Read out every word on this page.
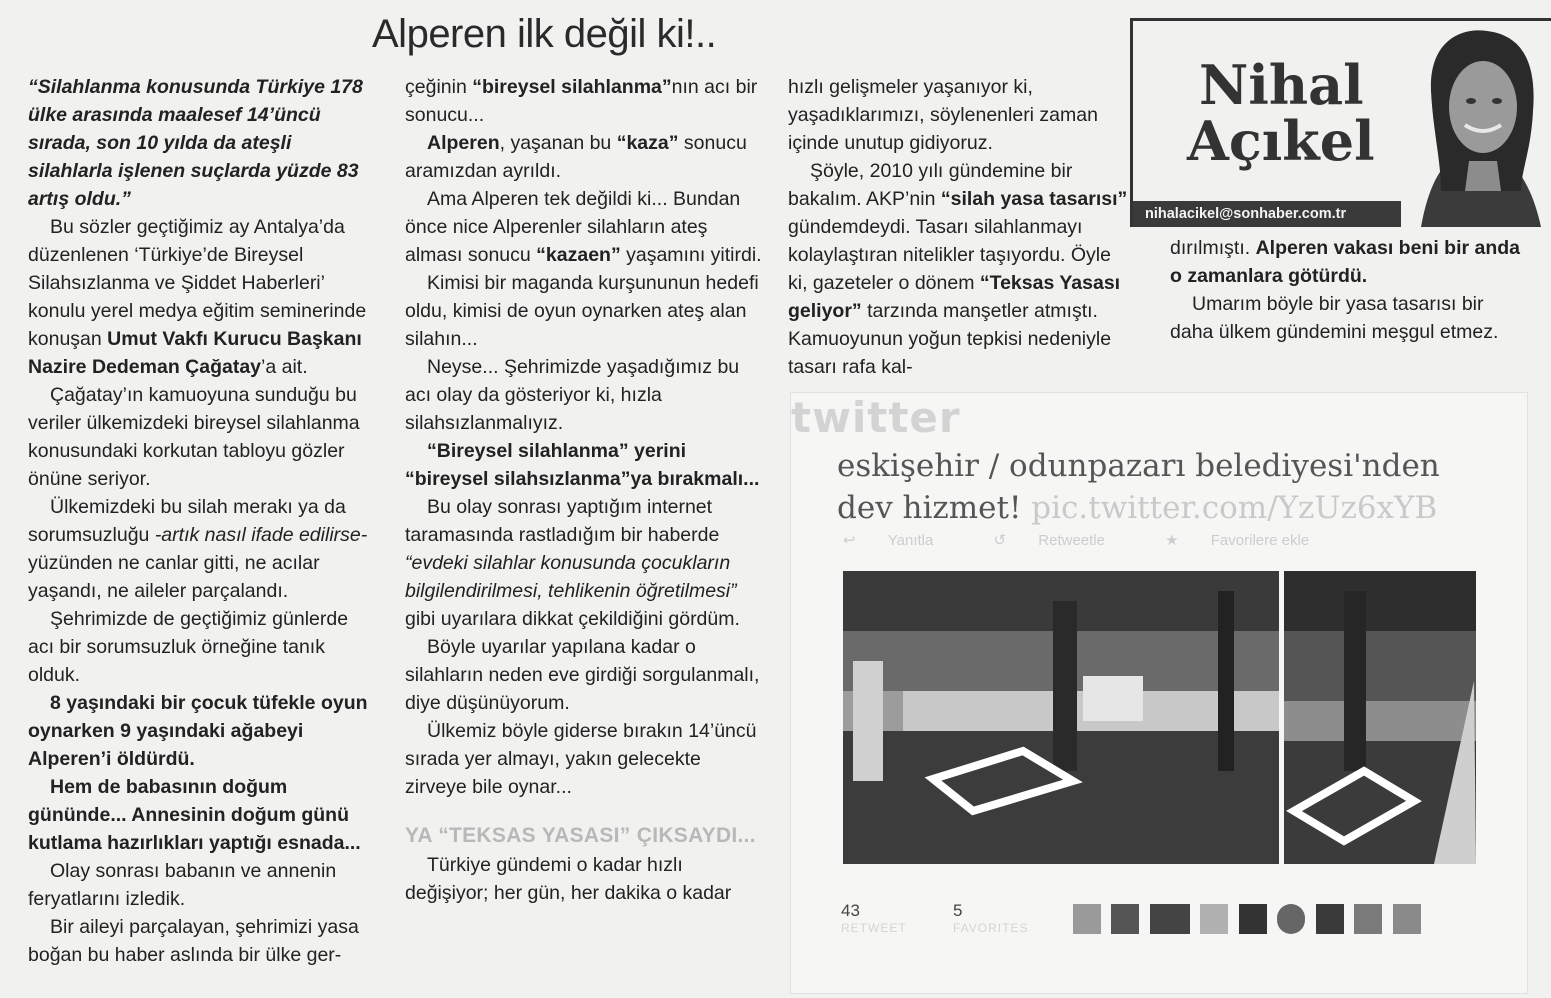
Alperen ilk değil ki!..

“Silahlanma konusunda Türkiye 178 ülke arasında maalesef 14’üncü sırada, son 10 yılda da ateşli silahlarla işlenen suçlarda yüzde 83 artış oldu.”

Bu sözler geçtiğimiz ay Antalya’da düzenlenen ‘Türkiye’de Bireysel Silahsızlanma ve Şiddet Haberleri’ konulu yerel medya eğitim seminerinde konuşan Umut Vakfı Kurucu Başkanı Nazire Dedeman Çağatay’a ait.

Çağatay’ın kamuoyuna sunduğu bu veriler ülkemizdeki bireysel silahlanma konusundaki korkutan tabloyu gözler önüne seriyor.

Ülkemizdeki bu silah merakı ya da sorumsuzluğu -artık nasıl ifade edilirse- yüzünden ne canlar gitti, ne acılar yaşandı, ne aileler parçalandı.

Şehrimizde de geçtiğimiz günlerde acı bir sorumsuzluk örneğine tanık olduk.

8 yaşındaki bir çocuk tüfekle oyun oynarken 9 yaşındaki ağabeyi Alperen’i öldürdü.

Hem de babasının doğum gününde... Annesinin doğum günü kutlama hazırlıkları yaptığı esnada...

Olay sonrası babanın ve annenin feryatlarını izledik.

Bir aileyi parçalayan, şehrimizi yasa boğan bu haber aslında bir ülke ger-

çeğinin “bireysel silahlanma”nın acı bir sonucu...

Alperen, yaşanan bu “kaza” sonucu aramızdan ayrıldı.

Ama Alperen tek değildi ki... Bundan önce nice Alperenler silahların ateş alması sonucu “kazaen” yaşamını yitirdi.

Kimisi bir maganda kurşununun hedefi oldu, kimisi de oyun oynarken ateş alan silahın...

Neyse... Şehrimizde yaşadığımız bu acı olay da gösteriyor ki, hızla silahsızlanmalıyız.

“Bireysel silahlanma” yerini “bireysel silahsızlanma”ya bırakmalı...

Bu olay sonrası yaptığım internet taramasında rastladığım bir haberde “evdeki silahlar konusunda çocukların bilgilendirilmesi, tehlikenin öğretilmesi” gibi uyarılara dikkat çekildiğini gördüm.

Böyle uyarılar yapılana kadar o silahların neden eve girdiği sorgulanmalı, diye düşünüyorum.

Ülkemiz böyle giderse bırakın 14’üncü sırada yer almayı, yakın gelecekte zirveye bile oynar...

YA “TEKSAS YASASI” ÇIKSAYDI...

Türkiye gündemi o kadar hızlı değişiyor; her gün, her dakika o kadar

hızlı gelişmeler yaşanıyor ki, yaşadıklarımızı, söylenenleri zaman içinde unutup gidiyoruz.

Şöyle, 2010 yılı gündemine bir bakalım. AKP’nin “silah yasa tasarısı” gündemdeydi. Tasarı silahlanmayı kolaylaştıran nitelikler taşıyordu. Öyle ki, gazeteler o dönem “Teksas Yasası geliyor” tarzında manşetler atmıştı. Kamuoyunun yoğun tepkisi nedeniyle tasarı rafa kal-

Nihal
Açıkel
nihalacikel@sonhaber.com.tr

dırılmıştı. Alperen vakası beni bir anda o zamanlara götürdü.

Umarım böyle bir yasa tasarısı bir daha ülkem gündemini meşgul etmez.

twitter
eskişehir / odunpazarı belediyesi'nden dev hizmet! pic.twitter.com/YzUz6xYB
↩ Yanıtla	↺ Retweetle	★ Favorilere ekle
43
RETWEET
5
FAVORITES
